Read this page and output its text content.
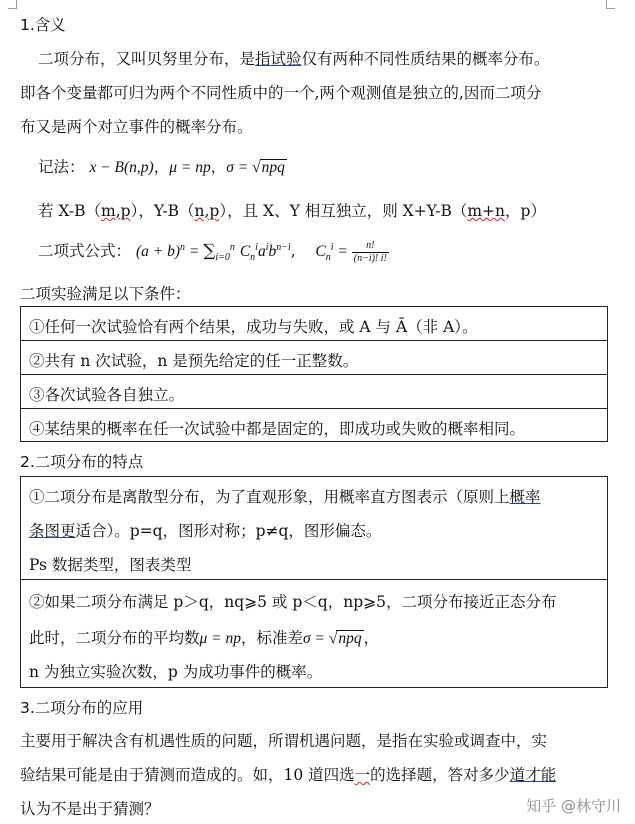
1.含义
二项分布，又叫贝努里分布，是指试验仅有两种不同性质结果的概率分布。
即各个变量都可归为两个不同性质中的一个,两个观测值是独立的,因而二项分
布又是两个对立事件的概率分布。
记法： x − B(n,p)，μ = np，σ = √npq
若 X-B（m,p），Y-B（n,p），且 X、Y 相互独立，则 X+Y-B（m+n，p）
二项式公式： $(a + b)^n = \sum_{i=0}^n$ $C_n^ia^ib^{n-i}$,    $C_n^i = \frac{n!}{(n-i)! i!}$
二项实验满足以下条件：
①任何一次试验恰有两个结果，成功与失败，或 A 与 Ā（非 A）。
②共有 n 次试验，n 是预先给定的任一正整数。
③各次试验各自独立。
④某结果的概率在任一次试验中都是固定的，即成功或失败的概率相同。
2.二项分布的特点
①二项分布是离散型分布，为了直观形象，用概率直方图表示（原则上概率
条图更适合）。p=q，图形对称；p≠q，图形偏态。
Ps 数据类型，图表类型
②如果二项分布满足 p＞q，nq⩾5 或 p＜q，np⩾5，二项分布接近正态分布
此时，二项分布的平均数μ = np，标准差σ = √npq ，
n 为独立实验次数，p 为成功事件的概率。
3.二项分布的应用
主要用于解决含有机遇性质的问题，所谓机遇问题，是指在实验或调查中，实
验结果可能是由于猜测而造成的。如，10 道四选一的选择题，答对多少道才能
认为不是出于猜测？	知乎 @林守川
